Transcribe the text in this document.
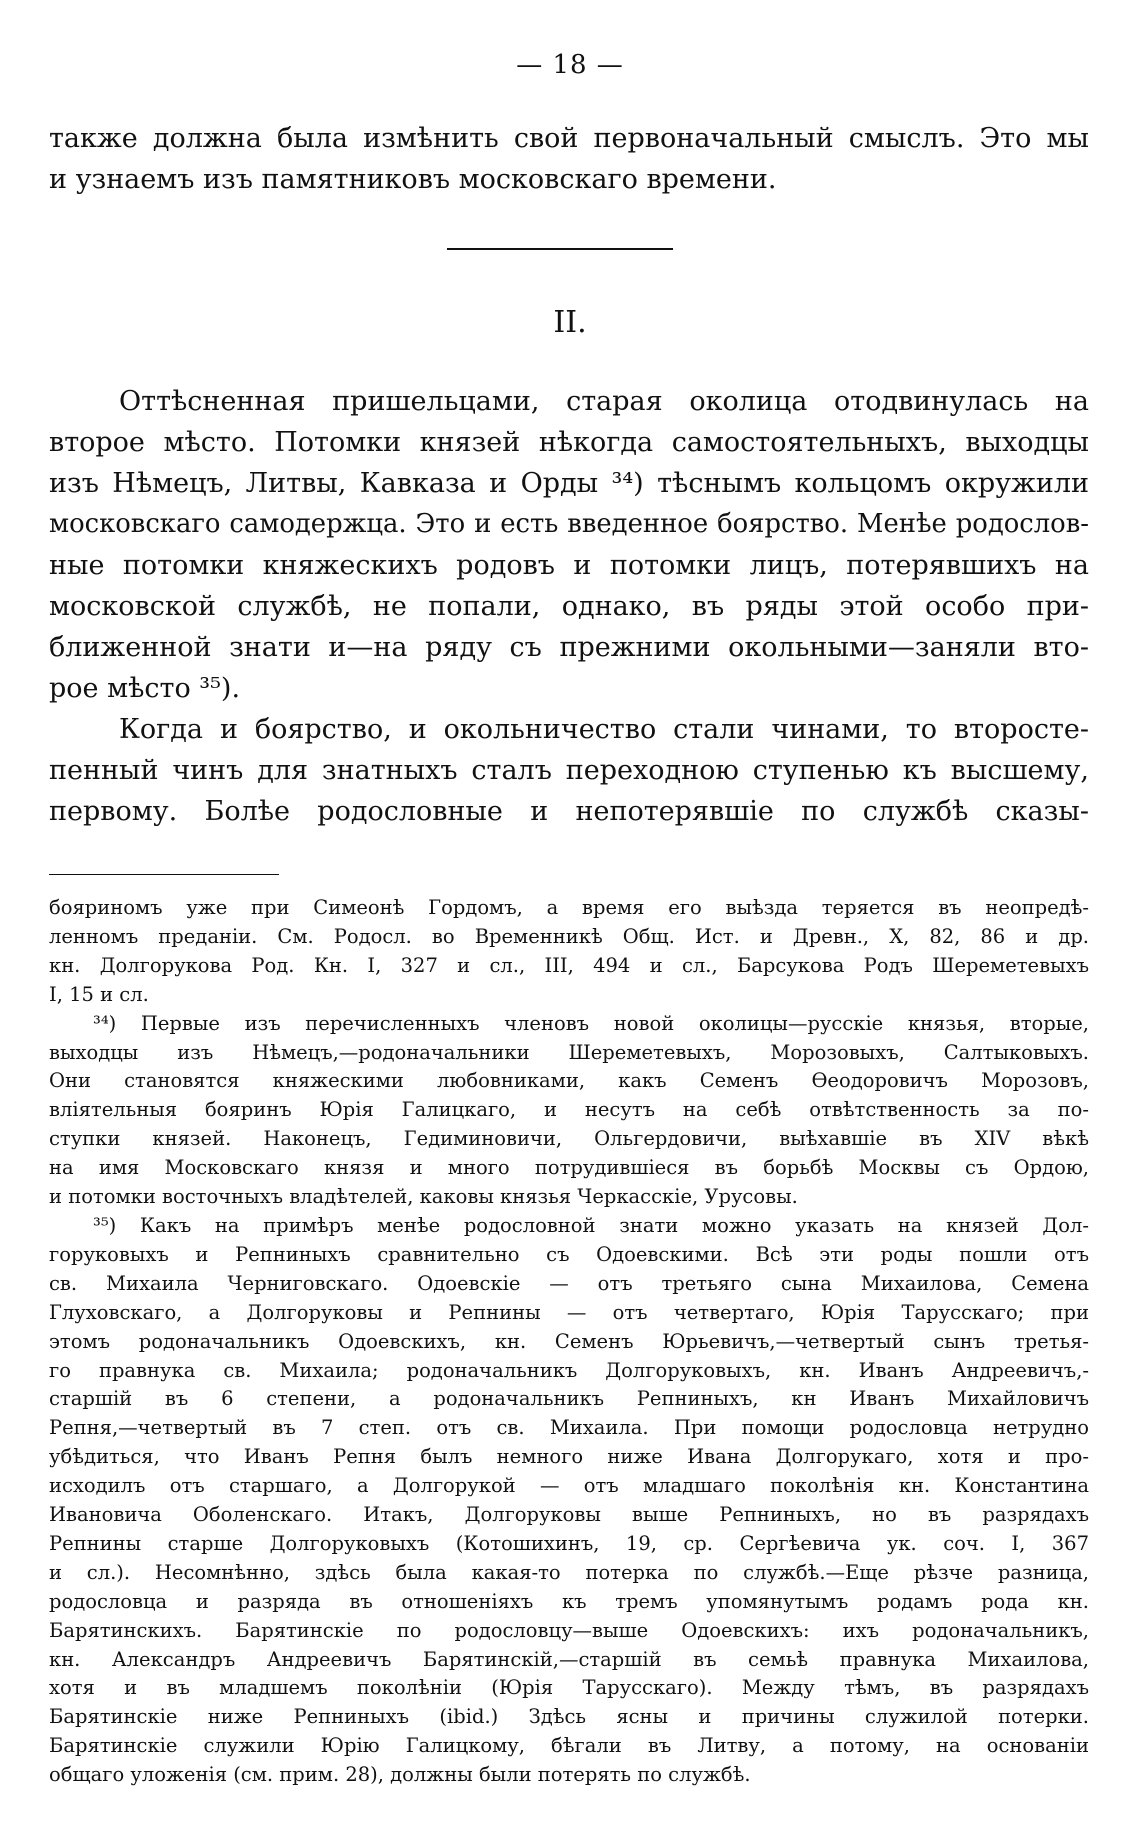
— 18 —
также должна была измѣнить свой первоначальный смыслъ. Это мы
и узнаемъ изъ памятниковъ московскаго времени.
II.
Оттѣсненная пришельцами, старая околица отодвинулась на
второе мѣсто. Потомки князей нѣкогда самостоятельныхъ, выходцы
изъ Нѣмецъ, Литвы, Кавказа и Орды ³⁴) тѣснымъ кольцомъ окружили
московскаго самодержца. Это и есть введенное боярство. Менѣе родослов-
ные потомки княжескихъ родовъ и потомки лицъ, потерявшихъ на
московской службѣ, не попали, однако, въ ряды этой особо при-
ближенной знати и—на ряду съ прежними окольными—заняли вто-
рое мѣсто ³⁵).
Когда и боярство, и окольничество стали чинами, то второсте-
пенный чинъ для знатныхъ сталъ переходною ступенью къ высшему,
первому. Болѣе родословные и непотерявшіе по службѣ сказы-
бояриномъ уже при Симеонѣ Гордомъ, а время его выѣзда теряется въ неопредѣ-
ленномъ преданіи. См. Родосл. во Временникѣ Общ. Ист. и Древн., X, 82, 86 и др.
кн. Долгорукова Род. Кн. I, 327 и сл., III, 494 и сл., Барсукова Родъ Шереметевыхъ
I, 15 и сл.
³⁴) Первые изъ перечисленныхъ членовъ новой околицы—русскіе князья, вторые,
выходцы изъ Нѣмецъ,—родоначальники Шереметевыхъ, Морозовыхъ, Салтыковыхъ.
Они становятся княжескими любовниками, какъ Семенъ Ѳеодоровичъ Морозовъ,
вліятельныя бояринъ Юрія Галицкаго, и несутъ на себѣ отвѣтственность за по-
ступки князей. Наконецъ, Гедиминовичи, Ольгердовичи, выѣхавшіе въ XIV вѣкѣ
на имя Московскаго князя и много потрудившіеся въ борьбѣ Москвы съ Ордою,
и потомки восточныхъ владѣтелей, каковы князья Черкасскіе, Урусовы.
³⁵) Какъ на примѣръ менѣе родословной знати можно указать на князей Дол-
горуковыхъ и Репниныхъ сравнительно съ Одоевскими. Всѣ эти роды пошли отъ
св. Михаила Черниговскаго. Одоевскіе — отъ третьяго сына Михаилова, Семена
Глуховскаго, а Долгоруковы и Репнины — отъ четвертаго, Юрія Тарусскаго; при
этомъ родоначальникъ Одоевскихъ, кн. Семенъ Юрьевичъ,—четвертый сынъ третья-
го правнука св. Михаила; родоначальникъ Долгоруковыхъ, кн. Иванъ Андреевичъ,-
старшій въ 6 степени, а родоначальникъ Репниныхъ, кн Иванъ Михайловичъ
Репня,—четвертый въ 7 степ. отъ св. Михаила. При помощи родословца нетрудно
убѣдиться, что Иванъ Репня былъ немного ниже Ивана Долгорукаго, хотя и про-
исходилъ отъ старшаго, а Долгорукой — отъ младшаго поколѣнія кн. Константина
Ивановича Оболенскаго. Итакъ, Долгоруковы выше Репниныхъ, но въ разрядахъ
Репнины старше Долгоруковыхъ (Котошихинъ, 19, ср. Сергѣевича ук. соч. I, 367
и сл.). Несомнѣнно, здѣсь была какая-то потерка по службѣ.—Еще рѣзче разница,
родословца и разряда въ отношеніяхъ къ тремъ упомянутымъ родамъ рода кн.
Барятинскихъ. Барятинскіе по родословцу—выше Одоевскихъ: ихъ родоначальникъ,
кн. Александръ Андреевичъ Барятинскій,—старшій въ семьѣ правнука Михаилова,
хотя и въ младшемъ поколѣніи (Юрія Тарусскаго). Между тѣмъ, въ разрядахъ
Барятинскіе ниже Репниныхъ (ibid.) Здѣсь ясны и причины служилой потерки.
Барятинскіе служили Юрію Галицкому, бѣгали въ Литву, а потому, на основаніи
общаго уложенія (см. прим. 28), должны были потерять по службѣ.
